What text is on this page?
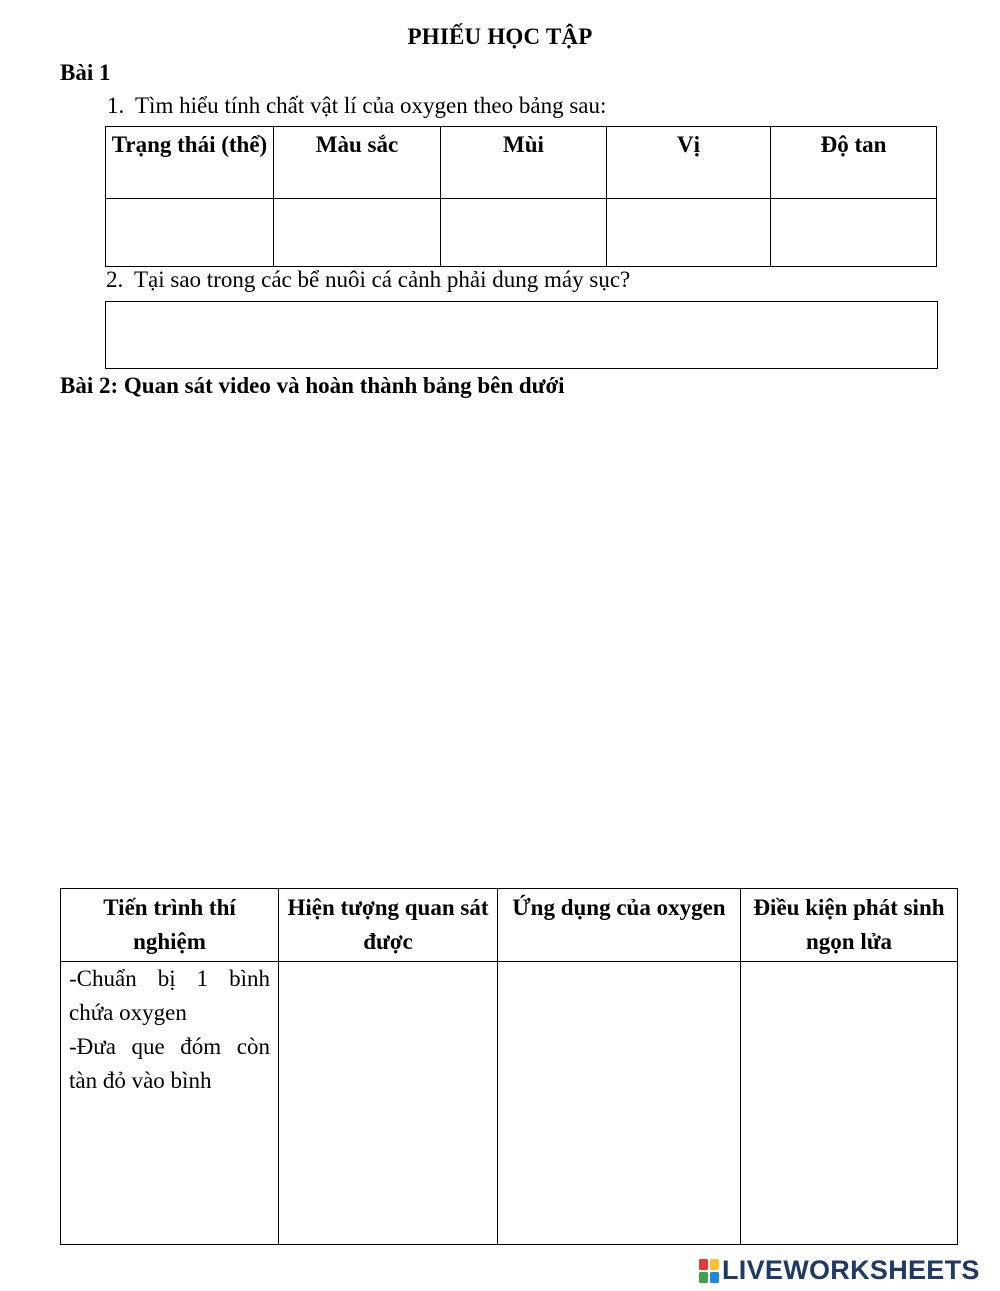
PHIẾU HỌC TẬP
Bài 1
1. Tìm hiểu tính chất vật lí của oxygen theo bảng sau:
Trạng thái (thể)	Màu sắc	Mùi	Vị	Độ tan

2. Tại sao trong các bể nuôi cá cảnh phải dung máy sục?
Bài 2: Quan sát video và hoàn thành bảng bên dưới
Tiến trình thí nghiệm	Hiện tượng quan sát được	Ứng dụng của oxygen	Điều kiện phát sinh ngọn lửa

-Chuẩn bị 1 bình chứa oxygen

-Đưa que đóm còn tàn đỏ vào bình			

LIVEWORKSHEETS
